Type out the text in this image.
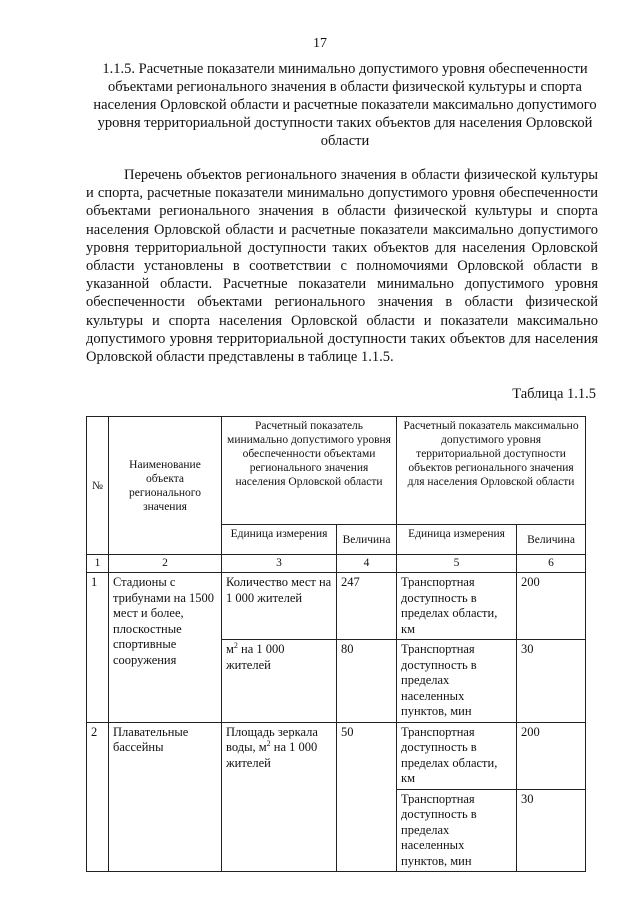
17
1.1.5. Расчетные показатели минимально допустимого уровня обеспеченности объектами регионального значения в области физической культуры и спорта населения Орловской области и расчетные показатели максимально допустимого уровня территориальной доступности таких объектов для населения Орловской области
Перечень объектов регионального значения в области физической культуры и спорта, расчетные показатели минимально допустимого уровня обеспеченности объектами регионального значения в области физической культуры и спорта населения Орловской области и расчетные показатели максимально допустимого уровня территориальной доступности таких объектов для населения Орловской области установлены в соответствии с полномочиями Орловской области в указанной области. Расчетные показатели минимально допустимого уровня обеспеченности объектами регионального значения в области физической культуры и спорта населения Орловской области и показатели максимально допустимого уровня территориальной доступности таких объектов для населения Орловской области представлены в таблице 1.1.5.
Таблица 1.1.5
№	Наименование объекта регионального значения	Расчетный показатель минимально допустимого уровня обеспеченности объектами регионального значения населения Орловской области		Расчетный показатель максимально допустимого уровня территориальной доступности объектов регионального значения для населения Орловской области	
		Единица измерения	Величина	Единица измерения	Величина
1	2	3	4	5	6
1	Стадионы с трибунами на 1500 мест и более, плоскостные спортивные сооружения	Количество мест на 1 000 жителей	247	Транспортная доступность в пределах области, км	200
		$м^2$ на 1 000 жителей	80	Транспортная доступность в пределах населенных пунктов, мин	30
2	Плавательные бассейны	Площадь зеркала воды, $м^2$ на 1 000 жителей	50	Транспортная доступность в пределах области, км	200
				Транспортная доступность в пределах населенных пунктов, мин	30
